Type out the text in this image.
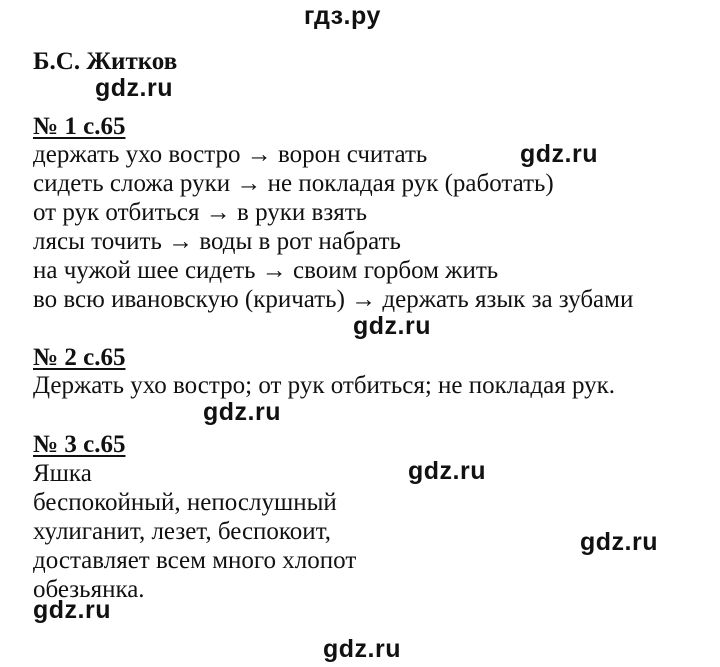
гдз.ру
Б.С. Житков
gdz.ru
№ 1 с.65
держать ухо востро → ворон считать	gdz.ru
сидеть сложа руки → не покладая рук (работать)
от рук отбиться → в руки взять
лясы точить → воды в рот набрать
на чужой шее сидеть → своим горбом жить
во всю ивановскую (кричать) → держать язык за зубами
gdz.ru
№ 2 с.65
Держать ухо востро; от рук отбиться; не покладая рук.
gdz.ru
№ 3 с.65
Яшка	gdz.ru
беспокойный, непослушный
хулиганит, лезет, беспокоит,	gdz.ru
доставляет всем много хлопот
обезьянка.
gdz.ru
gdz.ru
